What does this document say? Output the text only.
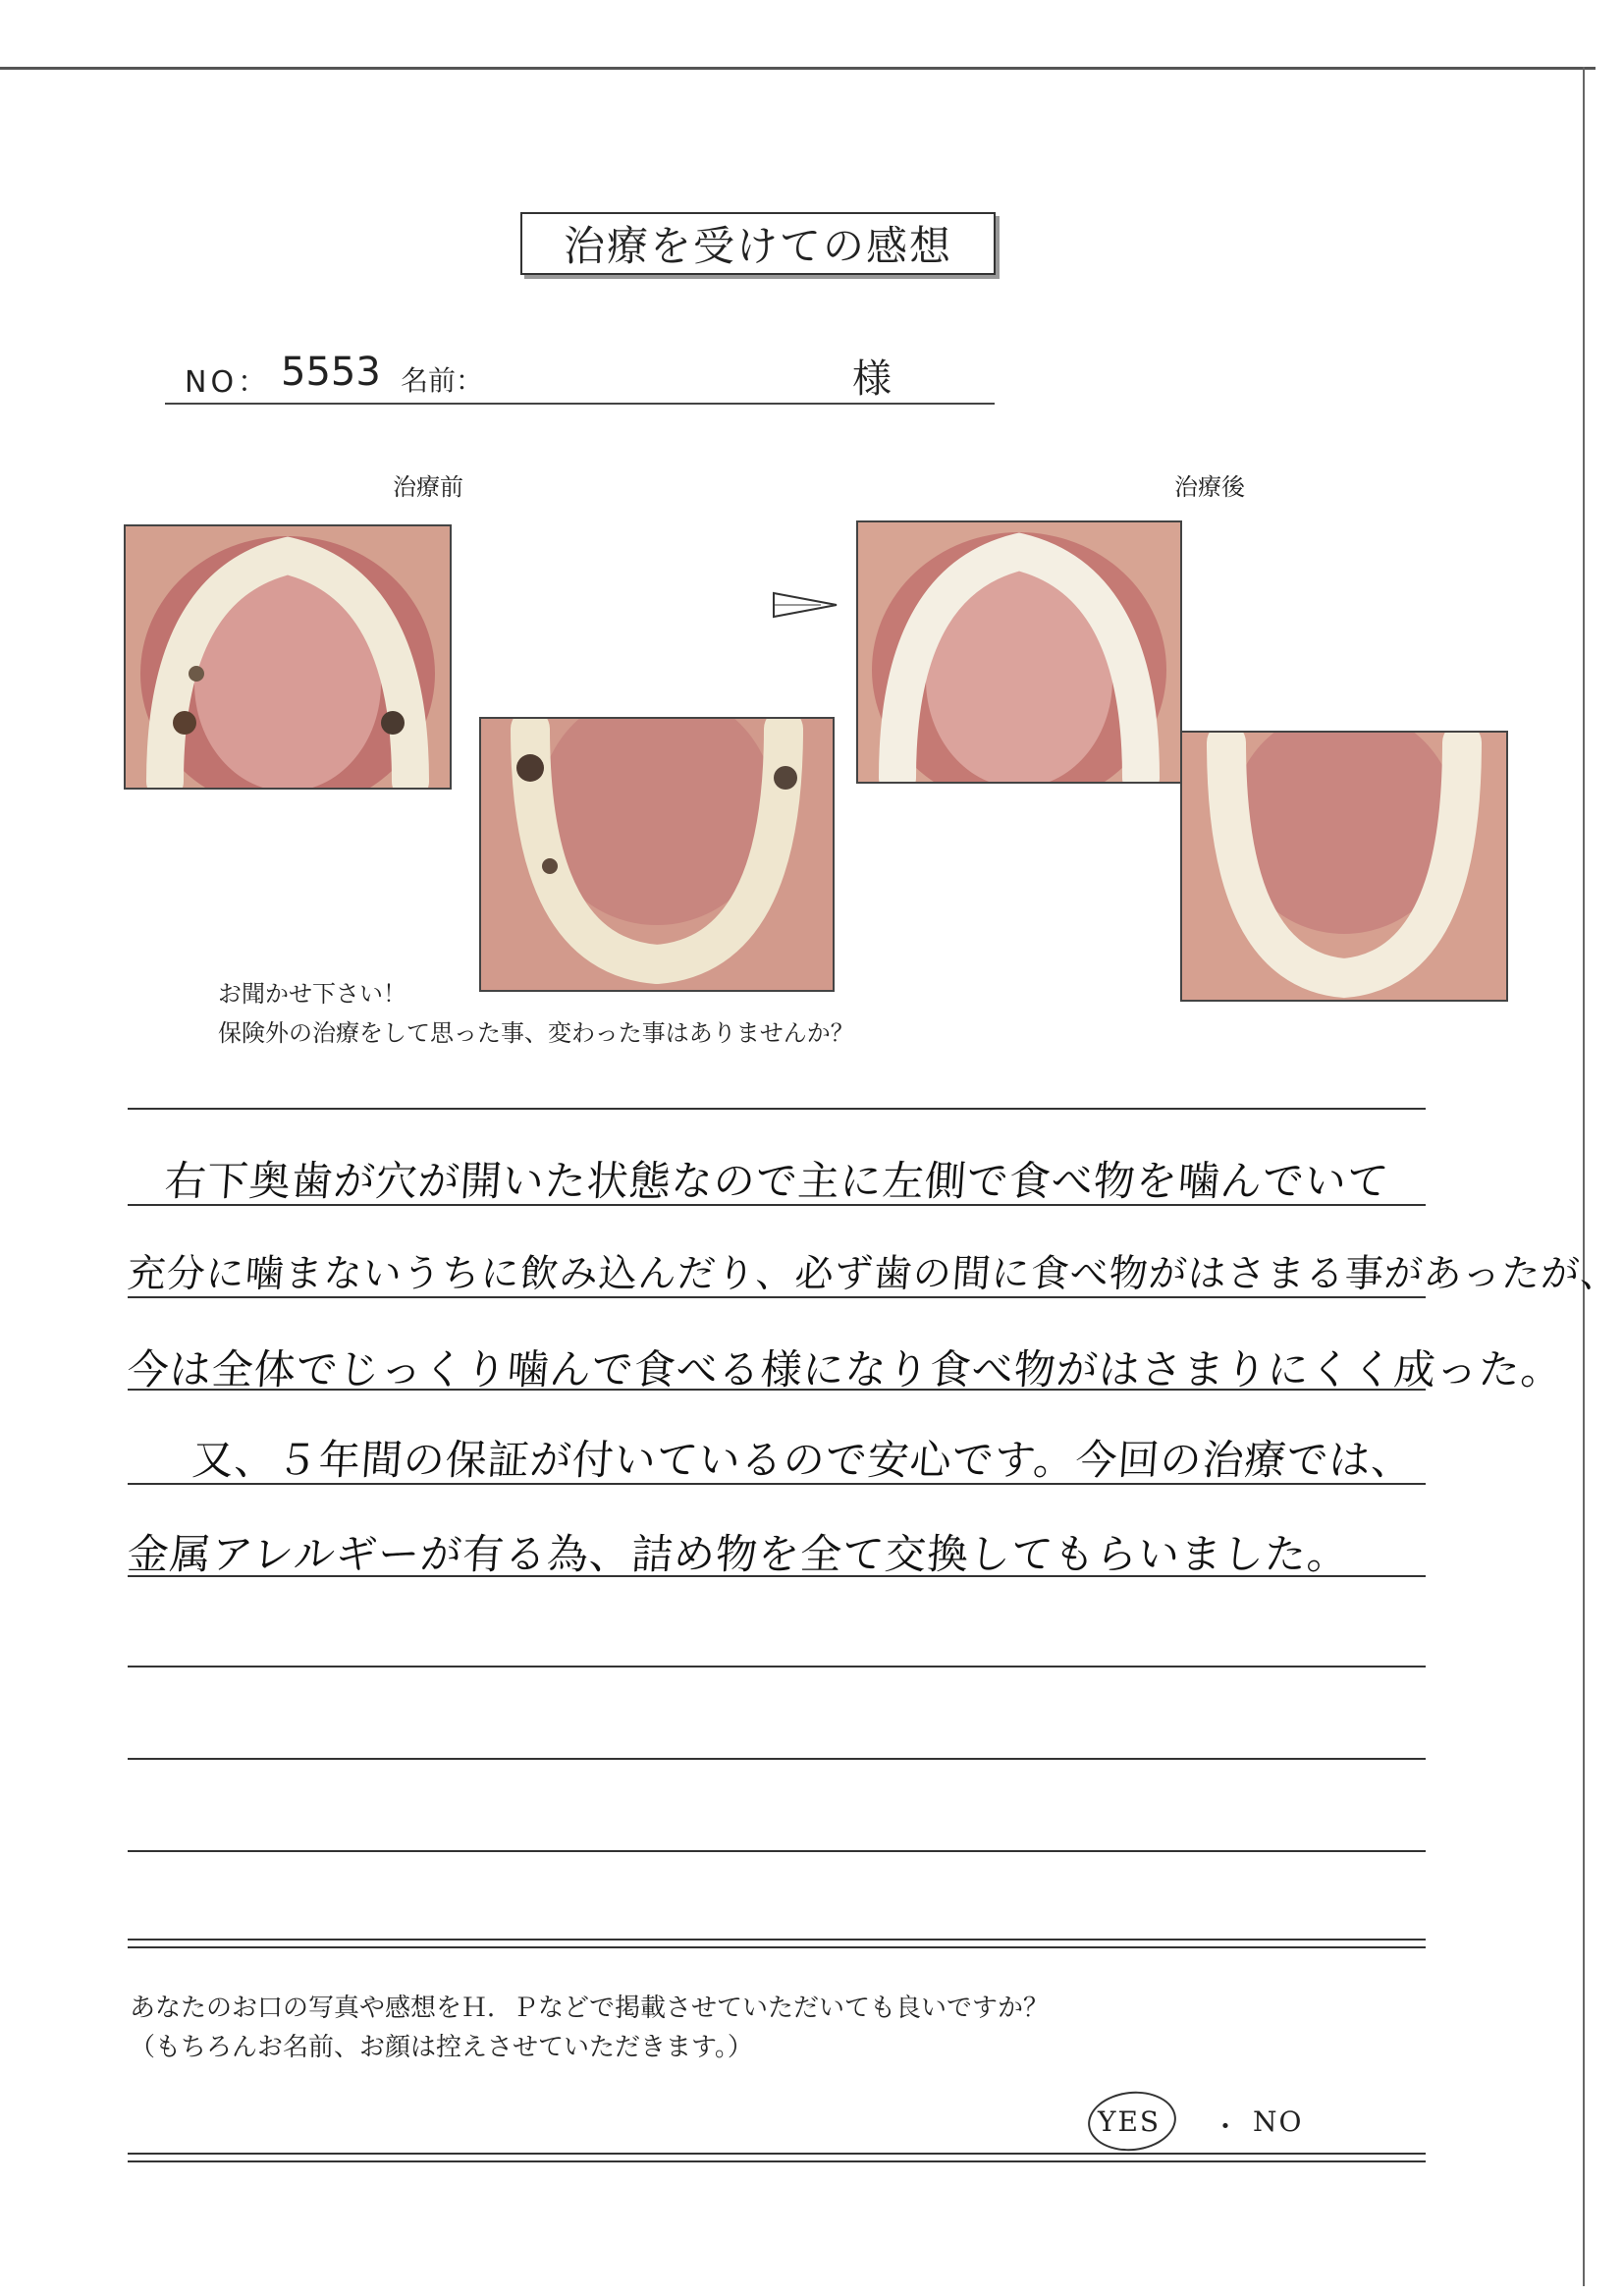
治療を受けての感想
NO： 5553 名前：	様
治療前	治療後
お聞かせ下さい！
保険外の治療をして思った事、変わった事はありませんか？
右下奥歯が穴が開いた状態なので主に左側で食べ物を噛んでいて
充分に噛まないうちに飲み込んだり、必ず歯の間に食べ物がはさまる事があったが、
今は全体でじっくり噛んで食べる様になり食べ物がはさまりにくく成った。
又、５年間の保証が付いているので安心です。今回の治療では、
金属アレルギーが有る為、詰め物を全て交換してもらいました。
あなたのお口の写真や感想をＨ．Ｐなどで掲載させていただいても良いですか？
（もちろんお名前、お顔は控えさせていただきます。）
YES ・ NO
